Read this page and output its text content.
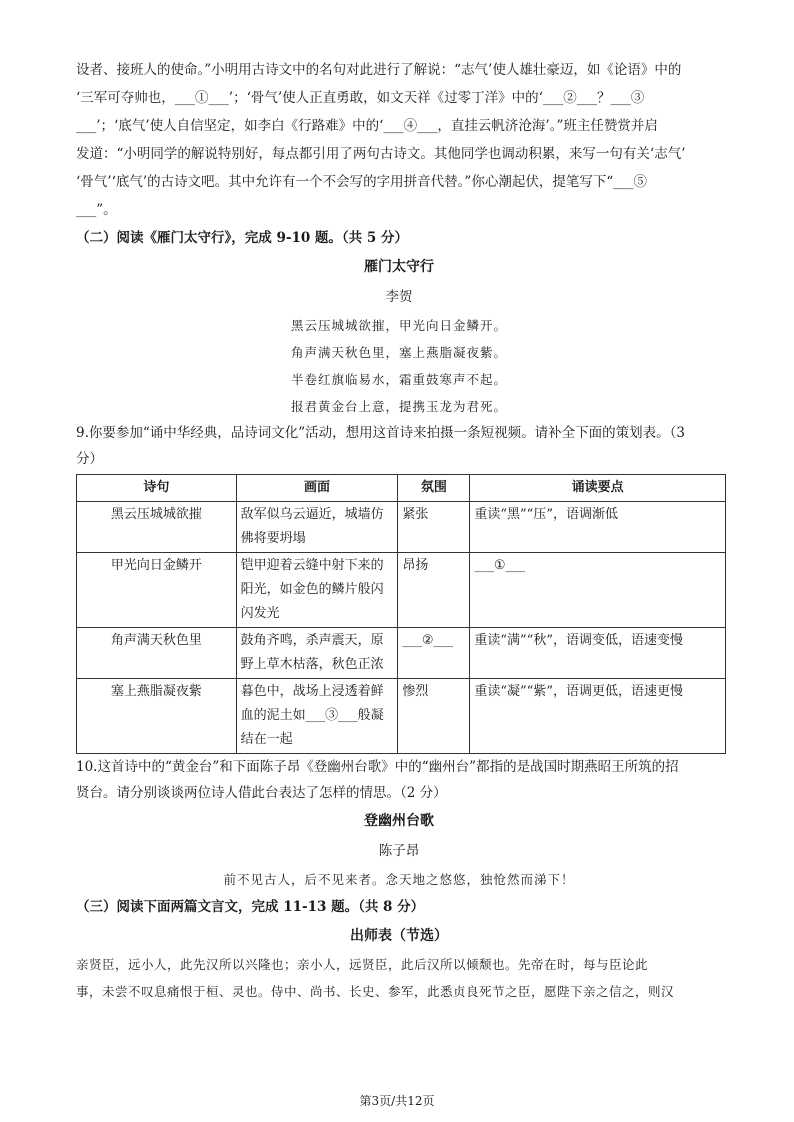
设者、接班人的使命。”小明用古诗文中的名句对此进行了解说：“志气’使人雄壮豪迈，如《论语》中的

‘三军可夺帅也，___①___’；‘骨气’使人正直勇敢，如文天祥《过零丁洋》中的‘___②___？___③

___’；‘底气’使人自信坚定，如李白《行路难》中的‘___④___，直挂云帆济沧海’。”班主任赞赏并启

发道：“小明同学的解说特别好，每点都引用了两句古诗文。其他同学也调动积累，来写一句有关‘志气’

‘骨气’‘底气’的古诗文吧。其中允许有一个不会写的字用拼音代替。”你心潮起伏，提笔写下“___⑤

___”。

（二）阅读《雁门太守行》，完成 9-10 题。（共 5 分）

雁门太守行

李贺

黑云压城城欲摧，甲光向日金鳞开。

角声满天秋色里，塞上燕脂凝夜紫。

半卷红旗临易水，霜重鼓寒声不起。

报君黄金台上意，提携玉龙为君死。

9.你要参加“诵中华经典，品诗词文化”活动，想用这首诗来拍摄一条短视频。请补全下面的策划表。（3

分）

诗句	画面	氛围	诵读要点
黑云压城城欲摧	敌军似乌云逼近，城墙仿佛将要坍塌	紧张	重读“黑”“压”，语调渐低
甲光向日金鳞开	铠甲迎着云缝中射下来的阳光，如金色的鳞片般闪闪发光	昂扬	___①___
角声满天秋色里	鼓角齐鸣，杀声震天，原野上草木枯落，秋色正浓	___②___	重读“满”“秋”，语调变低，语速变慢
塞上燕脂凝夜紫	暮色中，战场上浸透着鲜血的泥土如___③___般凝结在一起	惨烈	重读“凝”“紫”，语调更低，语速更慢

10.这首诗中的“黄金台”和下面陈子昂《登幽州台歌》中的“幽州台”都指的是战国时期燕昭王所筑的招

贤台。请分别谈谈两位诗人借此台表达了怎样的情思。（2 分）

登幽州台歌

陈子昂

前不见古人，后不见来者。念天地之悠悠，独怆然而涕下！

（三）阅读下面两篇文言文，完成 11-13 题。（共 8 分）

出师表（节选）

亲贤臣，远小人，此先汉所以兴隆也；亲小人，远贤臣，此后汉所以倾颓也。先帝在时，每与臣论此

事，未尝不叹息痛恨于桓、灵也。侍中、尚书、长史、参军，此悉贞良死节之臣，愿陛下亲之信之，则汉

第3页/共12页
